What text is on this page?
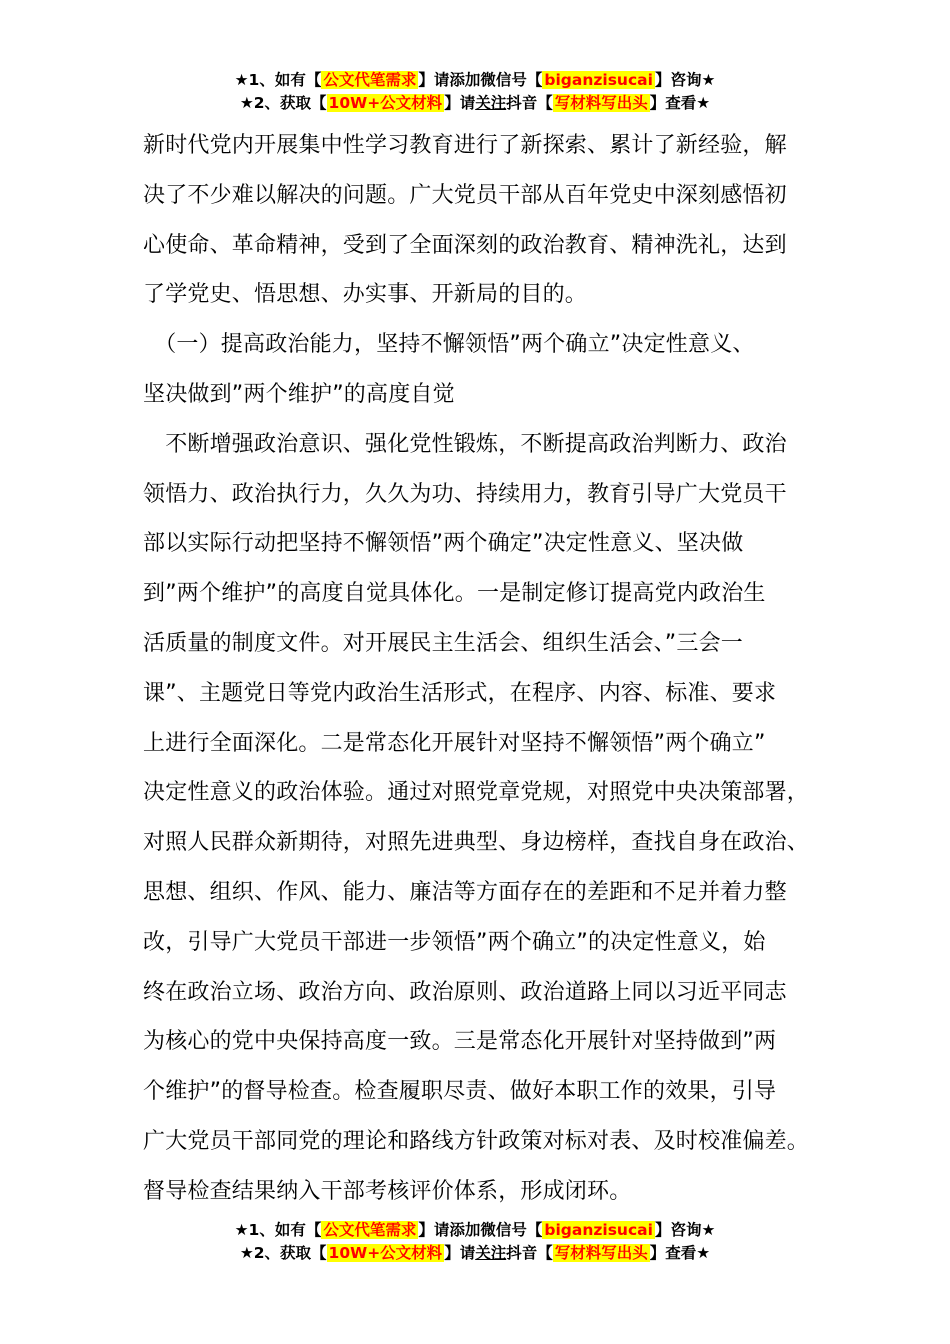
★1、如有【 公文代笔需求 】请添加微信号【 biganzisucai 】咨询★
★2、获取【 10W+公文材料 】请关注抖音【 写材料写出头 】查看★
新时代党内开展集中性学习教育进行了新探索、累计了新经验，解
决了不少难以解决的问题。广大党员干部从百年党史中深刻感悟初
心使命、革命精神，受到了全面深刻的政治教育、精神洗礼，达到
了学党史、悟思想、办实事、开新局的目的。
　（一）提高政治能力，坚持不懈领悟”两个确立”决定性意义、
坚决做到”两个维护”的高度自觉
　不断增强政治意识、强化党性锻炼，不断提高政治判断力、政治
领悟力、政治执行力，久久为功、持续用力，教育引导广大党员干
部以实际行动把坚持不懈领悟”两个确定”决定性意义、坚决做
到”两个维护”的高度自觉具体化。一是制定修订提高党内政治生
活质量的制度文件。对开展民主生活会、组织生活会、”三会一
课”、主题党日等党内政治生活形式，在程序、内容、标准、要求
上进行全面深化。二是常态化开展针对坚持不懈领悟”两个确立”
决定性意义的政治体验。通过对照党章党规，对照党中央决策部署，
对照人民群众新期待，对照先进典型、身边榜样，查找自身在政治、
思想、组织、作风、能力、廉洁等方面存在的差距和不足并着力整
改，引导广大党员干部进一步领悟”两个确立”的决定性意义，始
终在政治立场、政治方向、政治原则、政治道路上同以习近平同志
为核心的党中央保持高度一致。三是常态化开展针对坚持做到”两
个维护”的督导检查。检查履职尽责、做好本职工作的效果，引导
广大党员干部同党的理论和路线方针政策对标对表、及时校准偏差。
督导检查结果纳入干部考核评价体系，形成闭环。
★1、如有【 公文代笔需求 】请添加微信号【 biganzisucai 】咨询★
★2、获取【 10W+公文材料 】请关注抖音【 写材料写出头 】查看★
